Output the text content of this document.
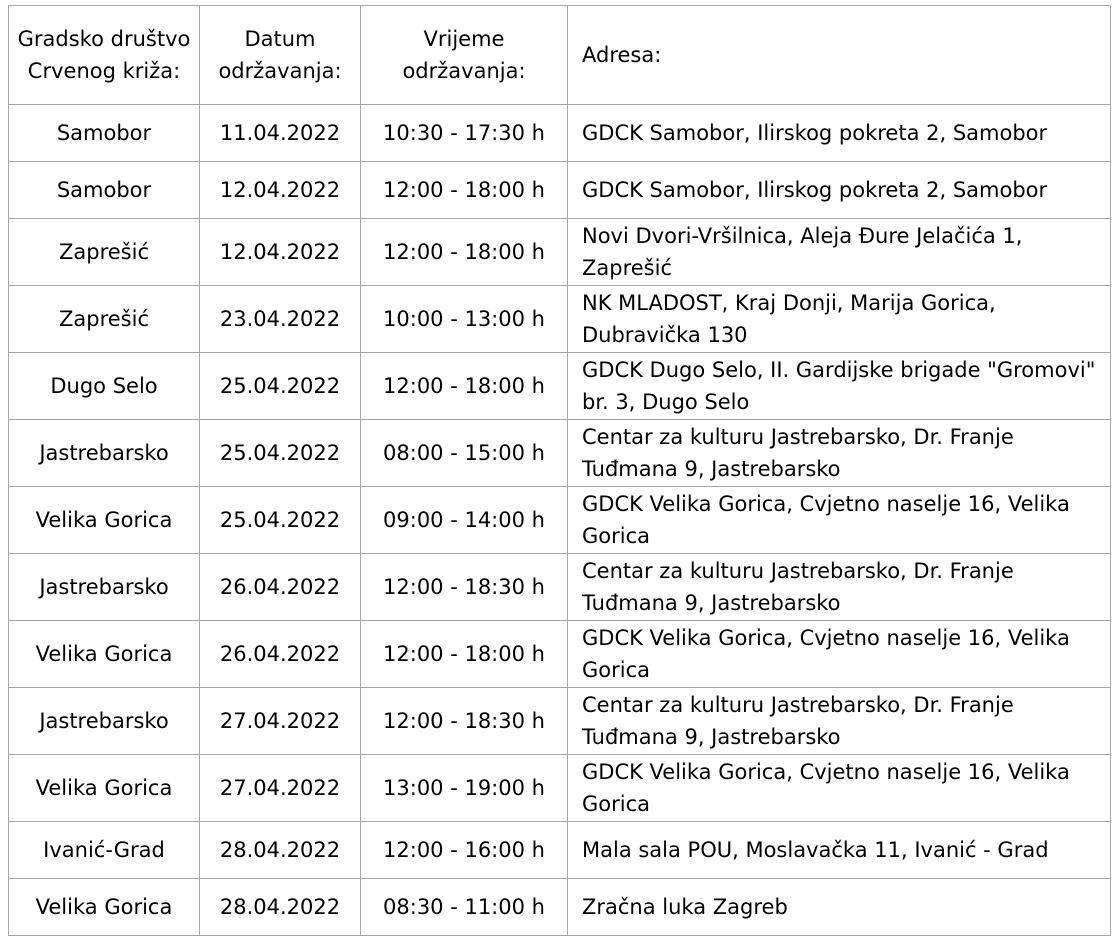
Gradsko društvo Crvenog križa:	Datum održavanja:	Vrijeme održavanja:	Adresa:
Samobor	11.04.2022	10:30 - 17:30 h	GDCK Samobor, Ilirskog pokreta 2, Samobor
Samobor	12.04.2022	12:00 - 18:00 h	GDCK Samobor, Ilirskog pokreta 2, Samobor
Zaprešić	12.04.2022	12:00 - 18:00 h	Novi Dvori-Vršilnica, Aleja Đure Jelačića 1, Zaprešić
Zaprešić	23.04.2022	10:00 - 13:00 h	NK MLADOST, Kraj Donji, Marija Gorica, Dubravička 130
Dugo Selo	25.04.2022	12:00 - 18:00 h	GDCK Dugo Selo, II. Gardijske brigade "Gromovi" br. 3, Dugo Selo
Jastrebarsko	25.04.2022	08:00 - 15:00 h	Centar za kulturu Jastrebarsko, Dr. Franje Tuđmana 9, Jastrebarsko
Velika Gorica	25.04.2022	09:00 - 14:00 h	GDCK Velika Gorica, Cvjetno naselje 16, Velika Gorica
Jastrebarsko	26.04.2022	12:00 - 18:30 h	Centar za kulturu Jastrebarsko, Dr. Franje Tuđmana 9, Jastrebarsko
Velika Gorica	26.04.2022	12:00 - 18:00 h	GDCK Velika Gorica, Cvjetno naselje 16, Velika Gorica
Jastrebarsko	27.04.2022	12:00 - 18:30 h	Centar za kulturu Jastrebarsko, Dr. Franje Tuđmana 9, Jastrebarsko
Velika Gorica	27.04.2022	13:00 - 19:00 h	GDCK Velika Gorica, Cvjetno naselje 16, Velika Gorica
Ivanić-Grad	28.04.2022	12:00 - 16:00 h	Mala sala POU, Moslavačka 11, Ivanić - Grad
Velika Gorica	28.04.2022	08:30 - 11:00 h	Zračna luka Zagreb
